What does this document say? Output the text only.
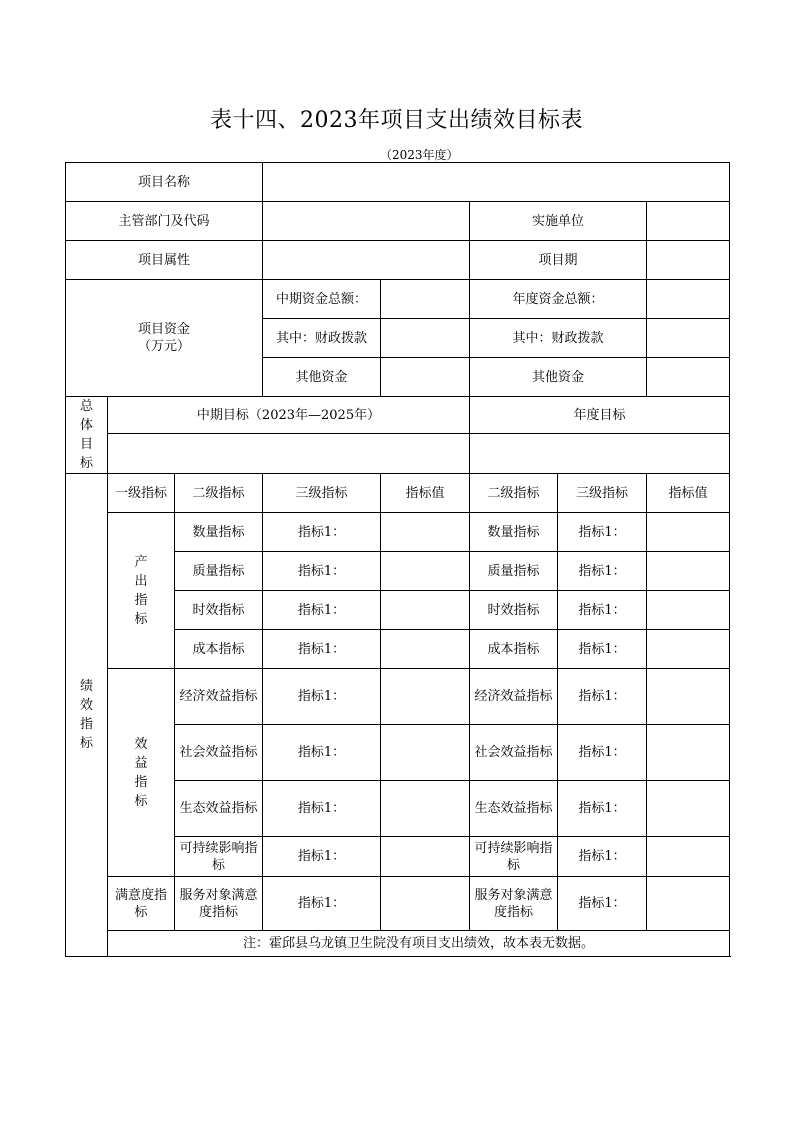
表十四、2023年项目支出绩效目标表
（2023年度）
项目名称							
主管部门及代码					实施单位		
项目属性					项目期		
项目资金
（万元）			中期资金总额：		年度资金总额：		
			其中：财政拨款		其中：财政拨款		
			其他资金		其他资金		

总体目标	中期目标（2023年—2025年）				年度目标		

绩效指标	一级指标	二级指标	三级指标	指标值	二级指标	三级指标	指标值

	产出指标	数量指标	指标1：		数量指标	指标1：	
		质量指标	指标1：		质量指标	指标1：	
		时效指标	指标1：		时效指标	指标1：	
		成本指标	指标1：		成本指标	指标1：	

	效益指标	经济效益指标	指标1：		经济效益指标	指标1：	
		社会效益指标	指标1：		社会效益指标	指标1：	
		生态效益指标	指标1：		生态效益指标	指标1：	
		可持续影响指标	指标1：		可持续影响指标	指标1：	
	满意度指标	服务对象满意度指标	指标1：		服务对象满意度指标	指标1：	
	注：霍邱县乌龙镇卫生院没有项目支出绩效，故本表无数据。						
